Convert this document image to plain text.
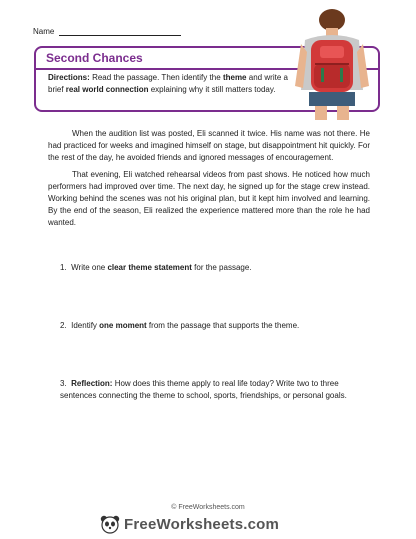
Name
Second Chances
Directions: Read the passage. Then identify the theme and write a brief real world connection explaining why it still matters today.

When the audition list was posted, Eli scanned it twice. His name was not there. He had practiced for weeks and imagined himself on stage, but disappointment hit quickly. For the rest of the day, he avoided friends and ignored messages of encouragement.

That evening, Eli watched rehearsal videos from past shows. He noticed how much performers had improved over time. The next day, he signed up for the stage crew instead. Working behind the scenes was not his original plan, but it kept him involved and learning. By the end of the season, Eli realized the experience mattered more than the role he had wanted.

1. Write one clear theme statement for the passage.
2. Identify one moment from the passage that supports the theme.
3. Reflection: How does this theme apply to real life today? Write two to three sentences connecting the theme to school, sports, friendships, or personal goals.
© FreeWorksheets.com
FreeWorksheets.com
